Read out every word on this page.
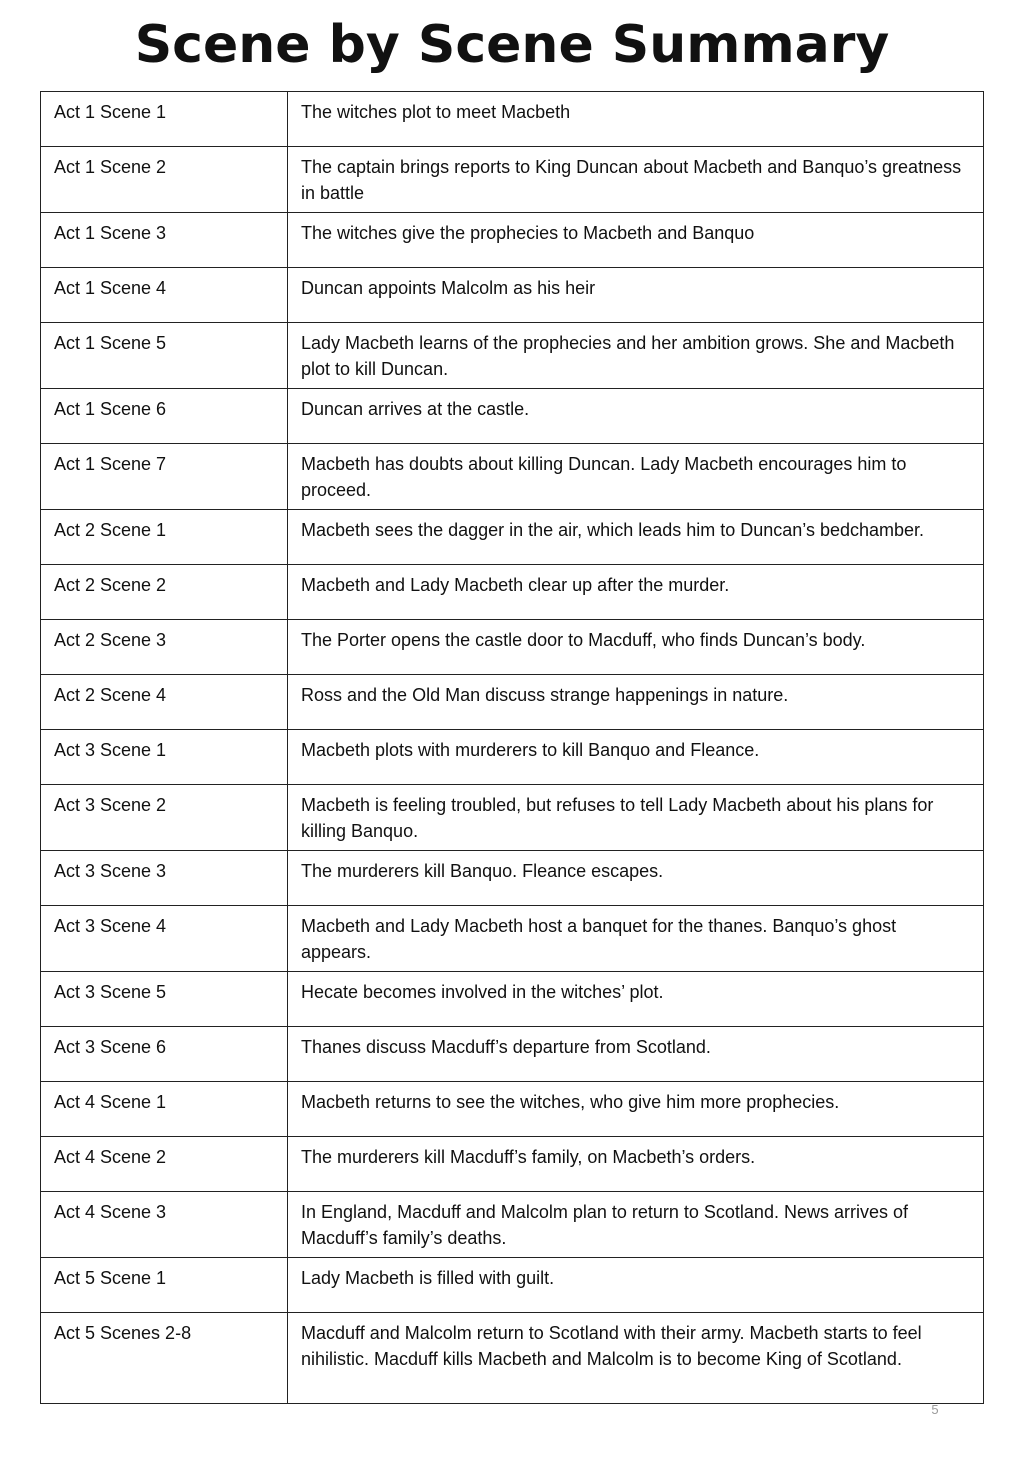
Scene by Scene Summary
Act 1 Scene 1	The witches plot to meet Macbeth
Act 1 Scene 2	The captain brings reports to King Duncan about Macbeth and Banquo’s greatness in battle
Act 1 Scene 3	The witches give the prophecies to Macbeth and Banquo
Act 1 Scene 4	Duncan appoints Malcolm as his heir
Act 1 Scene 5	Lady Macbeth learns of the prophecies and her ambition grows. She and Macbeth plot to kill Duncan.
Act 1 Scene 6	Duncan arrives at the castle.
Act 1 Scene 7	Macbeth has doubts about killing Duncan. Lady Macbeth encourages him to proceed.
Act 2 Scene 1	Macbeth sees the dagger in the air, which leads him to Duncan’s bedchamber.
Act 2 Scene 2	Macbeth and Lady Macbeth clear up after the murder.
Act 2 Scene 3	The Porter opens the castle door to Macduff, who finds Duncan’s body.
Act 2 Scene 4	Ross and the Old Man discuss strange happenings in nature.
Act 3 Scene 1	Macbeth plots with murderers to kill Banquo and Fleance.
Act 3 Scene 2	Macbeth is feeling troubled, but refuses to tell Lady Macbeth about his plans for killing Banquo.
Act 3 Scene 3	The murderers kill Banquo. Fleance escapes.
Act 3 Scene 4	Macbeth and Lady Macbeth host a banquet for the thanes. Banquo’s ghost appears.
Act 3 Scene 5	Hecate becomes involved in the witches’ plot.
Act 3 Scene 6	Thanes discuss Macduff’s departure from Scotland.
Act 4 Scene 1	Macbeth returns to see the witches, who give him more prophecies.
Act 4 Scene 2	The murderers kill Macduff’s family, on Macbeth’s orders.
Act 4 Scene 3	In England, Macduff and Malcolm plan to return to Scotland. News arrives of Macduff’s family’s deaths.
Act 5 Scene 1	Lady Macbeth is filled with guilt.
Act 5 Scenes 2-8	Macduff and Malcolm return to Scotland with their army. Macbeth starts to feel nihilistic. Macduff kills Macbeth and Malcolm is to become King of Scotland.
5
